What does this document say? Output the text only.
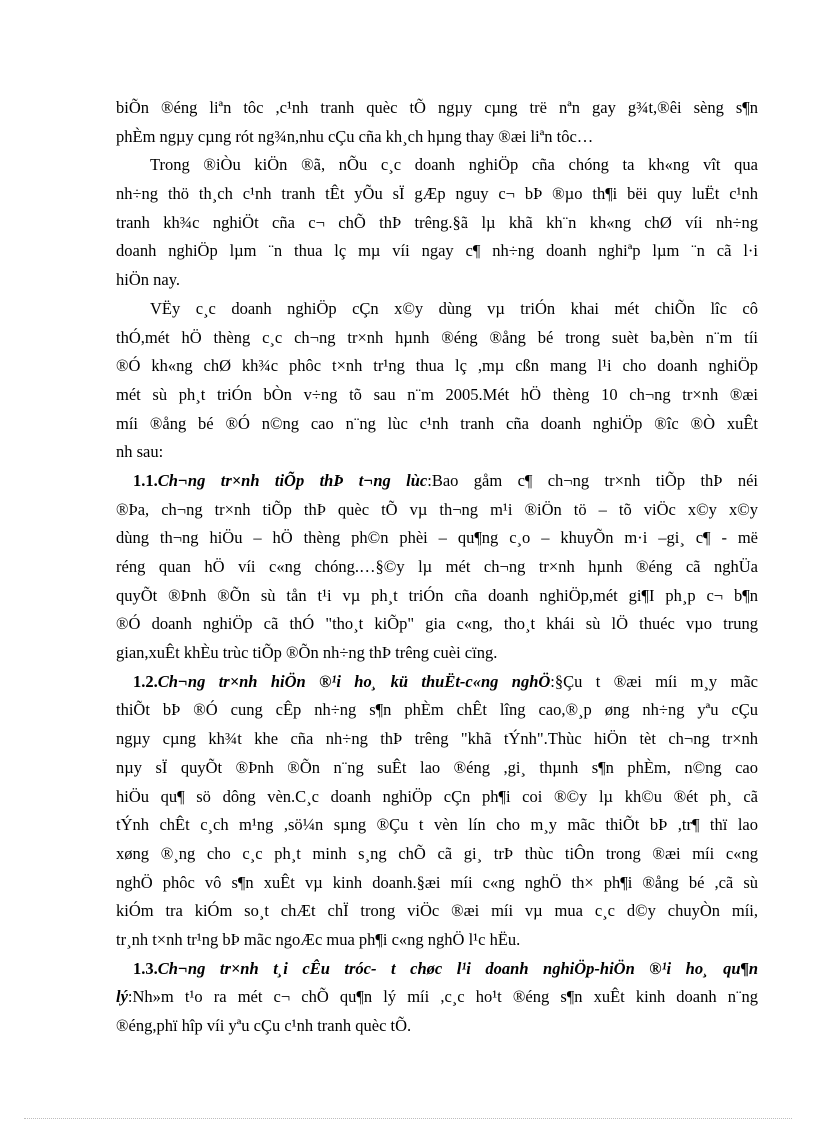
biÕn ®éng liªn tôc ,c¹nh tranh quèc tÕ ngµy cµng trë nªn gay g¾t,®êi sèng s¶n
phÈm ngµy cµng rót ng¾n,nhu cÇu cña kh¸ch hµng thay ®æi liªn tôc…
Trong ®iÒu kiÖn ®ã, nÕu c¸c doanh nghiÖp cña chóng ta kh«ng vît qua
nh÷ng thö th¸ch c¹nh tranh tÊt yÕu sÏ gÆp nguy c¬ bÞ ®µo th¶i bëi quy luËt c¹nh
tranh kh¾c nghiÖt cña c¬ chÕ thÞ trêng.§ã lµ khã kh¨n kh«ng chØ víi nh÷ng
doanh nghiÖp lµm ¨n thua lç mµ víi ngay c¶ nh÷ng doanh nghiªp lµm ¨n cã l·i
hiÖn nay.
VËy c¸c doanh nghiÖp cÇn x©y dùng vµ triÓn khai mét chiÕn lîc cô
thÓ,mét hÖ thèng c¸c ch¬ng tr×nh hµnh ®éng ®ång bé trong suèt ba,bèn n¨m tíi
®Ó kh«ng chØ kh¾c phôc t×nh tr¹ng thua lç ,mµ cßn mang l¹i cho doanh nghiÖp
mét sù ph¸t triÓn bÒn v÷ng tõ sau n¨m 2005.Mét hÖ thèng 10 ch¬ng tr×nh ®æi
míi ®ång bé ®Ó n©ng cao n¨ng lùc c¹nh tranh cña doanh nghiÖp ®îc ®Ò xuÊt
nh sau:
1.1.Ch¬ng tr×nh tiÕp thÞ t¬ng lùc:Bao gåm c¶ ch¬ng tr×nh tiÕp thÞ néi
®Þa, ch¬ng tr×nh tiÕp thÞ quèc tÕ vµ th¬ng m¹i ®iÖn tö – tõ viÖc x©y x©y
dùng th¬ng hiÖu – hÖ thèng ph©n phèi – qu¶ng c¸o – khuyÕn m·i –gi¸ c¶ - më
réng quan hÖ víi c«ng chóng.…§©y lµ mét ch¬ng tr×nh hµnh ®éng cã nghÜa
quyÕt ®Þnh ®Õn sù tån t¹i vµ ph¸t triÓn cña doanh nghiÖp,mét gi¶I ph¸p c¬ b¶n
®Ó doanh nghiÖp cã thÓ "tho¸t kiÕp" gia c«ng, tho¸t khái sù lÖ thuéc vµo trung
gian,xuÊt khÈu trùc tiÕp ®Õn nh÷ng thÞ trêng cuèi cïng.
1.2.Ch¬ng tr×nh hiÖn ®¹i ho¸ kü thuËt-c«ng nghÖ:§Çu t ®æi míi m¸y mãc
thiÕt bÞ ®Ó cung cÊp nh÷ng s¶n phÈm chÊt lîng cao,®¸p øng nh÷ng yªu cÇu
ngµy cµng kh¾t khe cña nh÷ng thÞ trêng "khã tÝnh".Thùc hiÖn tèt ch¬ng tr×nh
nµy sÏ quyÕt ®Þnh ®Õn n¨ng suÊt lao ®éng ,gi¸ thµnh s¶n phÈm, n©ng cao
hiÖu qu¶ sö dông vèn.C¸c doanh nghiÖp cÇn ph¶i coi ®©y lµ kh©u ®ét ph¸ cã
tÝnh chÊt c¸ch m¹ng ,sö¼n sµng ®Çu t vèn lín cho m¸y mãc thiÕt bÞ ,tr¶ thï lao
xøng ®¸ng cho c¸c ph¸t minh s¸ng chÕ cã gi¸ trÞ thùc tiÔn trong ®æi míi c«ng
nghÖ phôc vô s¶n xuÊt vµ kinh doanh.§æi míi c«ng nghÖ th× ph¶i ®ång bé ,cã sù
kiÓm tra kiÓm so¸t chÆt chÏ trong viÖc ®æi míi vµ mua c¸c d©y chuyÒn míi,
tr¸nh t×nh tr¹ng bÞ mãc ngoÆc mua ph¶i c«ng nghÖ l¹c hËu.
1.3.Ch¬ng tr×nh t¸i cÊu tróc- t chøc l¹i doanh nghiÖp-hiÖn ®¹i ho¸ qu¶n
lý:Nh»m t¹o ra mét c¬ chÕ qu¶n lý míi ,c¸c ho¹t ®éng s¶n xuÊt kinh doanh n¨ng
®éng,phï hîp víi yªu cÇu c¹nh tranh quèc tÕ.
